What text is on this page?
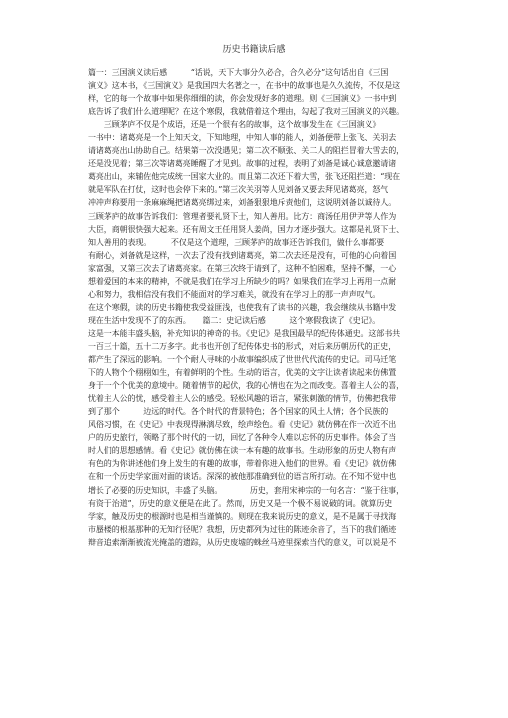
历史书籍读后感
篇一：三国演义读后感　　　“话说，天下大事分久必合，合久必分”这句话出自《三国
演义》这本书，《三国演义》是我国四大名著之一，在书中的故事也是久久流传，不仅是这
样，它的每一个故事中如果你细细的读，你会发现好多的道理。则《三国演义》一书中到
底告诉了我们什么道理呢？在这个寒假，我就借着这个理由，勾起了我对三国演义的兴趣。
　　三顾茅庐不仅是个成语，还是一个很有名的故事，这个故事发生在《三国演义》
一书中：诸葛亮是一个上知天文，下知地理，中知人事的能人，刘备便带上张飞、关羽去
请诸葛亮出山协助自己。结果第一次没遇见；第二次不顺张、关二人的阻拦冒着大雪去的，
还是没见着；第三次等诸葛亮睡醒了才见到。故事的过程，表明了刘备是诚心诚意邀请诸
葛亮出山，来辅佐他完成统一国家大业的。而且第二次还下着大雪，张飞还阻拦道：“现在
就是军队在打仗，这时也会停下来的。”第三次关羽等人见刘备又要去拜见诸葛亮，怒气
冲冲声称要用一条麻麻绳把诸葛亮绑过来，刘备狠狠地斥责他们，这说明刘备以诚待人。
三顾茅庐的故事告诉我们：管理者要礼贤下士，知人善用。比方：商汤任用伊尹等人作为
大臣，商朝很快强大起来。还有周文王任用贤人姜尚，国力才逐步强大。这都是礼贤下士、
知人善用的表现。　　　不仅是这个道理，三顾茅庐的故事还告诉我们，做什么事都要
有耐心，刘备就是这样，一次去了没有找到诸葛亮，第二次去还是没有，可他的心向着国
家富强，又第三次去了诸葛亮家。在第三次终于请到了，这种不怕困难，坚持不懈，一心
想着爱国的本来的精神，不就是我们在学习上所缺少的吗？如果我们在学习上再用一点耐
心和努力，我相信没有我们不能面对的学习难关，就没有在学习上的那一声声叹气。
在这个寒假，读的历史书籍使我受益匪浅，也使我有了读书的兴趣，我会继续从书籍中发
现在生活中发现不了的东西。　　篇二：史记读后感　　　这个寒假我读了《史记》。
这是一本能丰盛头脑，补充知识的神奇的书。《史记》是我国最早的纪传体通史。这部书共
一百三十篇，五十二万多字。此书也开创了纪传体史书的形式，对后来历朝历代的正史，
都产生了深远的影响。一个个耐人寻味的小故事编织成了世世代代流传的史记。司马迁笔
下的人物个个栩栩如生，有着鲜明的个性。生动的语言，优美的文字让读者读起来仿佛置
身于一个个优美的意境中。随着情节的起伏，我的心情也在为之而改变。喜着主人公的喜，
忧着主人公的忧，感受着主人公的感受。轻松风趣的语言，紧张刺激的情节，仿佛把我带
到了那个　　　边远的时代。各个时代的背景特色；各个国家的风土人情；各个民族的
风俗习惯，在《史记》中表现得淋漓尽致，绘声绘色。看《史记》就仿佛在作一次近不出
户的历史旅行，领略了那个时代的一切，回忆了各种令人难以忘怀的历史事件。体会了当
时人们的思想感情。看《史记》就仿佛在读一本有趣的故事书。生动形象的历史人物有声
有色的为你讲述他们身上发生的有趣的故事，带着你进入他们的世界。看《史记》就仿佛
在和一个历史学家面对面的谈话。深深的被他那准确到位的语言所打动。在不知不觉中也
增长了必要的历史知识，丰盛了头脑。　　　　历史，套用宋神宗的一句名言：“鉴于往事，
有资于治道”，历史的意义便是在此了。然而，历史又是一个极不易说破的词。就算历史
学家，触及历史的根源时也是相当谨慎的。则现在我来说历史的意义，是不是属于寻找海
市蜃楼的根基那种的无知行径呢？我想，历史都列为过往的陈迹余音了，当下的我们循迹
辩音追索渐渐被流光掩盖的遗踪，从历史废墟的蛛丝马迹里探索当代的意义，可以说是不
